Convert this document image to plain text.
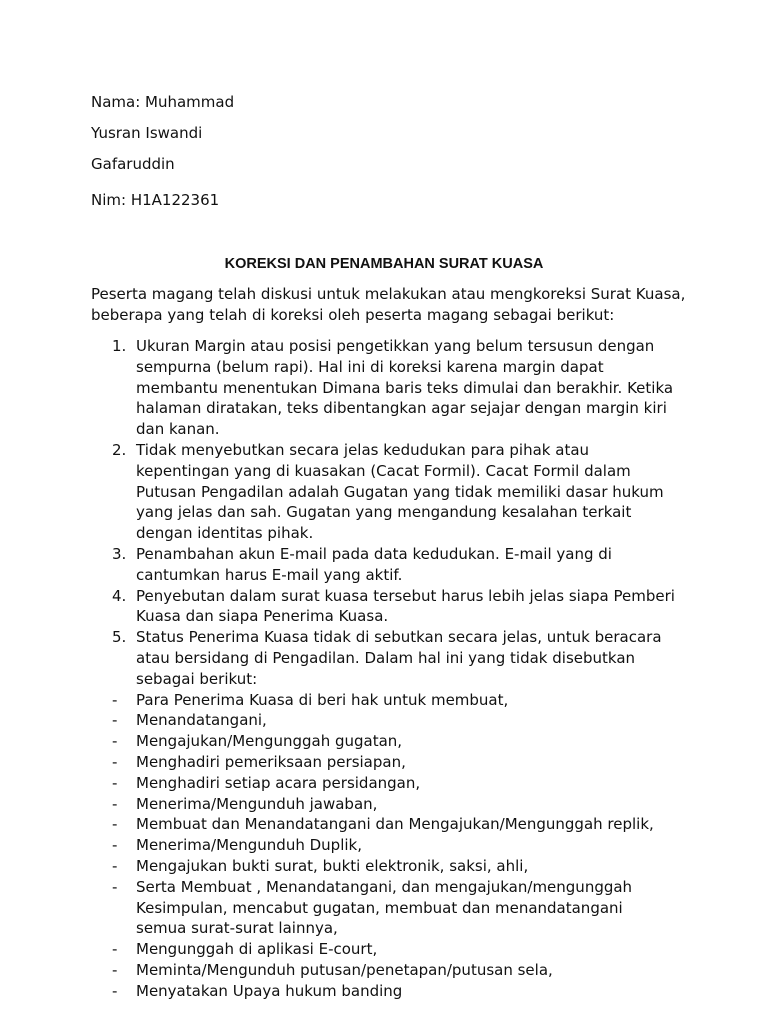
Nama: Muhammad

Yusran Iswandi

Gafaruddin

Nim: H1A122361

KOREKSI DAN PENAMBAHAN SURAT KUASA

Peserta magang telah diskusi untuk melakukan atau mengkoreksi Surat Kuasa, beberapa yang telah di koreksi oleh peserta magang sebagai berikut:

1. Ukuran Margin atau posisi pengetikkan yang belum tersusun dengan sempurna (belum rapi). Hal ini di koreksi karena margin dapat membantu menentukan Dimana baris teks dimulai dan berakhir. Ketika halaman diratakan, teks dibentangkan agar sejajar dengan margin kiri dan kanan.
2. Tidak menyebutkan secara jelas kedudukan para pihak atau kepentingan yang di kuasakan (Cacat Formil). Cacat Formil dalam Putusan Pengadilan adalah Gugatan yang tidak memiliki dasar hukum yang jelas dan sah. Gugatan yang mengandung kesalahan terkait dengan identitas pihak.
3. Penambahan akun E-mail pada data kedudukan. E-mail yang di cantumkan harus E-mail yang aktif.
4. Penyebutan dalam surat kuasa tersebut harus lebih jelas siapa Pemberi Kuasa dan siapa Penerima Kuasa.
5. Status Penerima Kuasa tidak di sebutkan secara jelas, untuk beracara atau bersidang di Pengadilan. Dalam hal ini yang tidak disebutkan sebagai berikut:
- Para Penerima Kuasa di beri hak untuk membuat,
- Menandatangani,
- Mengajukan/Mengunggah gugatan,
- Menghadiri pemeriksaan persiapan,
- Menghadiri setiap acara persidangan,
- Menerima/Mengunduh jawaban,
- Membuat dan Menandatangani dan Mengajukan/Mengunggah replik,
- Menerima/Mengunduh Duplik,
- Mengajukan bukti surat, bukti elektronik, saksi, ahli,
- Serta Membuat , Menandatangani, dan mengajukan/mengunggah Kesimpulan, mencabut gugatan, membuat dan menandatangani semua surat-surat lainnya,
- Mengunggah di aplikasi E-court,
- Meminta/Mengunduh putusan/penetapan/putusan sela,
- Menyatakan Upaya hukum banding
